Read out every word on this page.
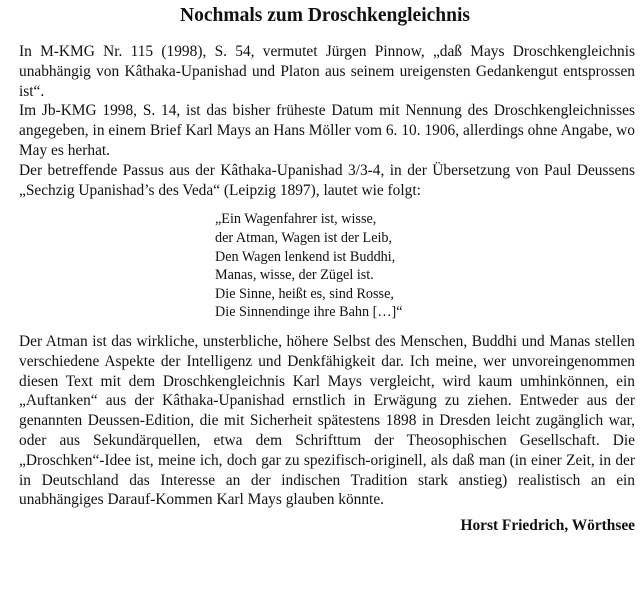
Nochmals zum Droschkengleichnis

In M-KMG Nr. 115 (1998), S. 54, vermutet Jürgen Pinnow, „daß Mays Droschkengleichnis unabhängig von Kâthaka-Upanishad und Platon aus seinem ureigensten Gedankengut entsprossen ist“.

Im Jb-KMG 1998, S. 14, ist das bisher früheste Datum mit Nennung des Droschkengleichnisses angegeben, in einem Brief Karl Mays an Hans Möller vom 6. 10. 1906, allerdings ohne Angabe, wo May es herhat.

Der betreffende Passus aus der Kâthaka-Upanishad 3/3-4, in der Übersetzung von Paul Deussens „Sechzig Upanishad’s des Veda“ (Leipzig 1897), lautet wie folgt:

„Ein Wagenfahrer ist, wisse,
der Atman, Wagen ist der Leib,
Den Wagen lenkend ist Buddhi,
Manas, wisse, der Zügel ist.
Die Sinne, heißt es, sind Rosse,
Die Sinnendinge ihre Bahn […]“

Der Atman ist das wirkliche, unsterbliche, höhere Selbst des Menschen, Buddhi und Manas stellen verschiedene Aspekte der Intelligenz und Denkfähigkeit dar. Ich meine, wer unvoreingenommen diesen Text mit dem Droschkengleichnis Karl Mays vergleicht, wird kaum umhinkönnen, ein „Auftanken“ aus der Kâthaka-Upanishad ernstlich in Erwägung zu ziehen. Entweder aus der genannten Deussen-Edition, die mit Sicherheit spätestens 1898 in Dresden leicht zugänglich war, oder aus Sekundärquellen, etwa dem Schrifttum der Theosophischen Gesellschaft. Die „Droschken“-Idee ist, meine ich, doch gar zu spezifisch-originell, als daß man (in einer Zeit, in der in Deutschland das Interesse an der indischen Tradition stark anstieg) realistisch an ein unabhängiges Darauf-Kommen Karl Mays glauben könnte.

Horst Friedrich, Wörthsee
